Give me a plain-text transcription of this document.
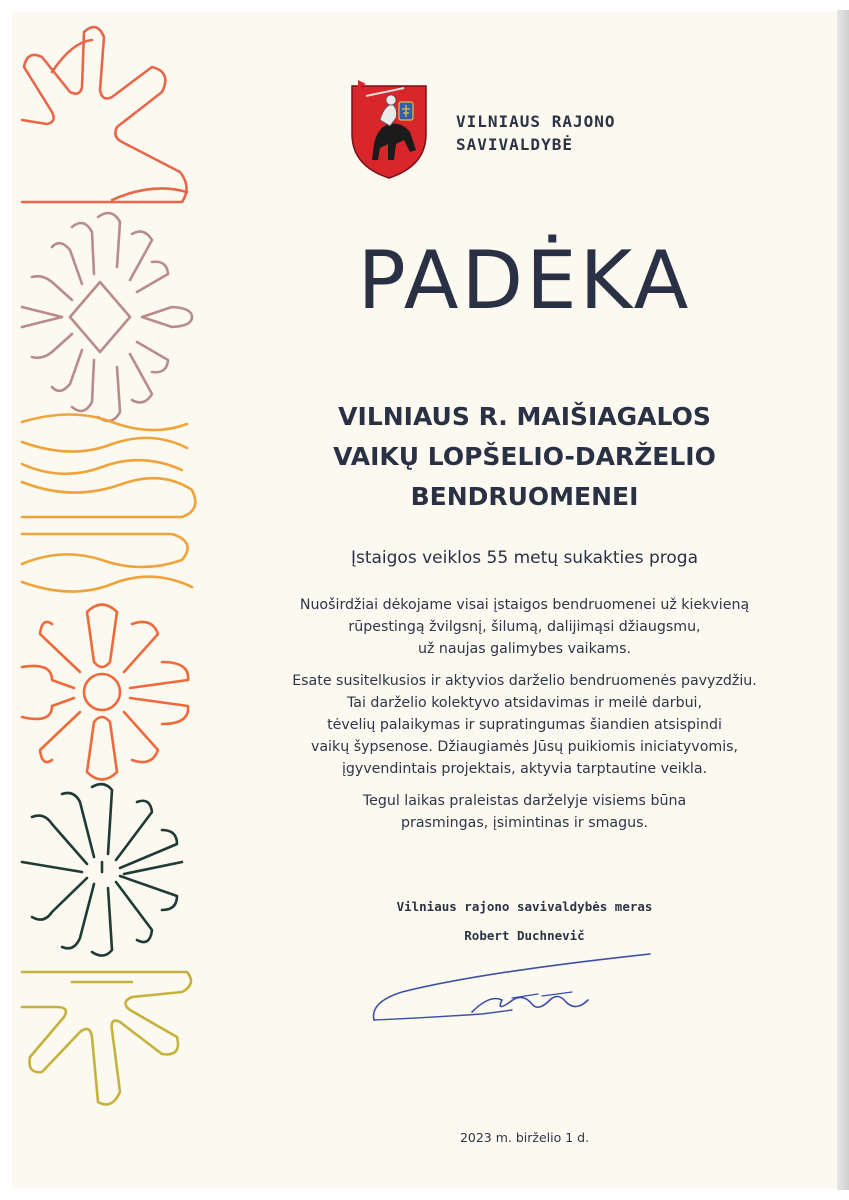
VILNIAUS RAJONO
SAVIVALDYBĖ
PADĖKA
VILNIAUS R. MAIŠIAGALOS
VAIKŲ LOPŠELIO-DARŽELIO
BENDRUOMENEI
Įstaigos veiklos 55 metų sukakties proga
Nuoširdžiai dėkojame visai įstaigos bendruomenei už kiekvieną
rūpestingą žvilgsnį, šilumą, dalijimąsi džiaugsmu,
už naujas galimybes vaikams.
Esate susitelkusios ir aktyvios darželio bendruomenės pavyzdžiu.
Tai darželio kolektyvo atsidavimas ir meilė darbui,
tėvelių palaikymas ir supratingumas šiandien atsispindi
vaikų šypsenose. Džiaugiamės Jūsų puikiomis iniciatyvomis,
įgyvendintais projektais, aktyvia tarptautine veikla.
Tegul laikas praleistas darželyje visiems būna
prasmingas, įsimintinas ir smagus.
Vilniaus rajono savivaldybės meras
Robert Duchnevič
2023 m. birželio 1 d.
